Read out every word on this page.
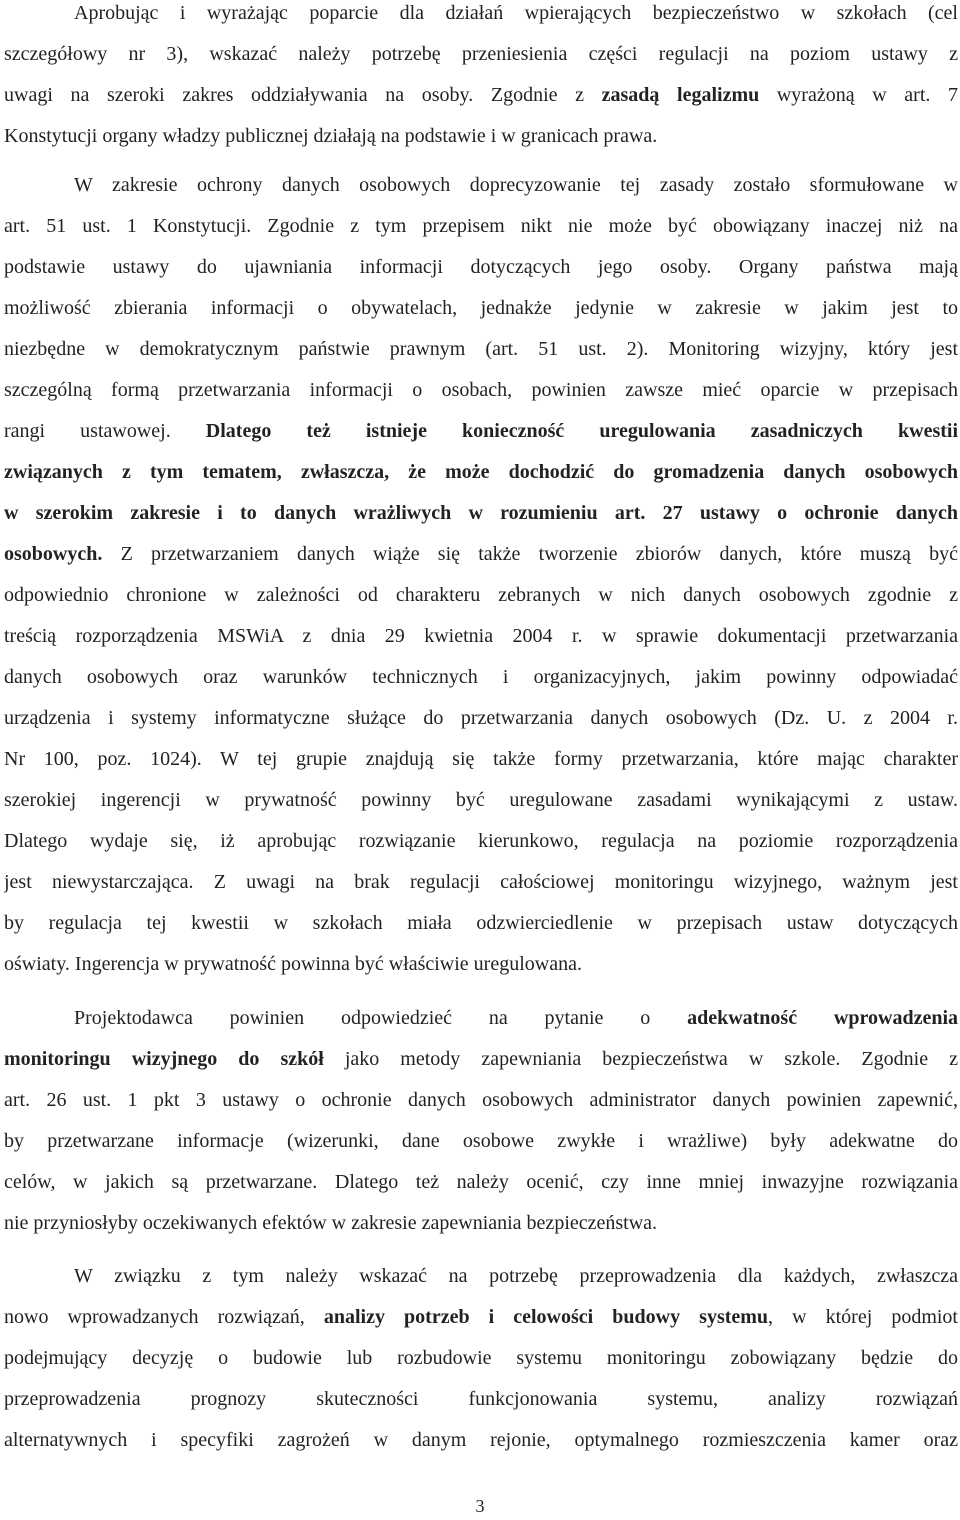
Aprobując i wyrażając poparcie dla działań wpierających bezpieczeństwo w szkołach (cel
szczegółowy nr 3), wskazać należy potrzebę przeniesienia części regulacji na poziom ustawy z
uwagi na szeroki zakres oddziaływania na osoby. Zgodnie z zasadą legalizmu wyrażoną w art. 7
Konstytucji organy władzy publicznej działają na podstawie i w granicach prawa.
W zakresie ochrony danych osobowych doprecyzowanie tej zasady zostało sformułowane w
art. 51 ust. 1 Konstytucji. Zgodnie z tym przepisem nikt nie może być obowiązany inaczej niż na
podstawie ustawy do ujawniania informacji dotyczących jego osoby. Organy państwa mają
możliwość zbierania informacji o obywatelach, jednakże jedynie w zakresie w jakim jest to
niezbędne w demokratycznym państwie prawnym (art. 51 ust. 2). Monitoring wizyjny, który jest
szczególną formą przetwarzania informacji o osobach, powinien zawsze mieć oparcie w przepisach
rangi ustawowej. Dlatego też istnieje konieczność uregulowania zasadniczych kwestii
związanych z tym tematem, zwłaszcza, że może dochodzić do gromadzenia danych osobowych
w szerokim zakresie i to danych wrażliwych w rozumieniu art. 27 ustawy o ochronie danych
osobowych. Z przetwarzaniem danych wiąże się także tworzenie zbiorów danych, które muszą być
odpowiednio chronione w zależności od charakteru zebranych w nich danych osobowych zgodnie z
treścią rozporządzenia MSWiA z dnia 29 kwietnia 2004 r. w sprawie dokumentacji przetwarzania
danych osobowych oraz warunków technicznych i organizacyjnych, jakim powinny odpowiadać
urządzenia i systemy informatyczne służące do przetwarzania danych osobowych (Dz. U. z 2004 r.
Nr 100, poz. 1024). W tej grupie znajdują się także formy przetwarzania, które mając charakter
szerokiej ingerencji w prywatność powinny być uregulowane zasadami wynikającymi z ustaw.
Dlatego wydaje się, iż aprobując rozwiązanie kierunkowo, regulacja na poziomie rozporządzenia
jest niewystarczająca. Z uwagi na brak regulacji całościowej monitoringu wizyjnego, ważnym jest
by regulacja tej kwestii w szkołach miała odzwierciedlenie w przepisach ustaw dotyczących
oświaty. Ingerencja w prywatność powinna być właściwie uregulowana.
Projektodawca powinien odpowiedzieć na pytanie o adekwatność wprowadzenia
monitoringu wizyjnego do szkół jako metody zapewniania bezpieczeństwa w szkole. Zgodnie z
art. 26 ust. 1 pkt 3 ustawy o ochronie danych osobowych administrator danych powinien zapewnić,
by przetwarzane informacje (wizerunki, dane osobowe zwykłe i wrażliwe) były adekwatne do
celów, w jakich są przetwarzane. Dlatego też należy ocenić, czy inne mniej inwazyjne rozwiązania
nie przyniosłyby oczekiwanych efektów w zakresie zapewniania bezpieczeństwa.
W związku z tym należy wskazać na potrzebę przeprowadzenia dla każdych, zwłaszcza
nowo wprowadzanych rozwiązań, analizy potrzeb i celowości budowy systemu, w której podmiot
podejmujący decyzję o budowie lub rozbudowie systemu monitoringu zobowiązany będzie do
przeprowadzenia prognozy skuteczności funkcjonowania systemu, analizy rozwiązań
alternatywnych i specyfiki zagrożeń w danym rejonie, optymalnego rozmieszczenia kamer oraz
3
